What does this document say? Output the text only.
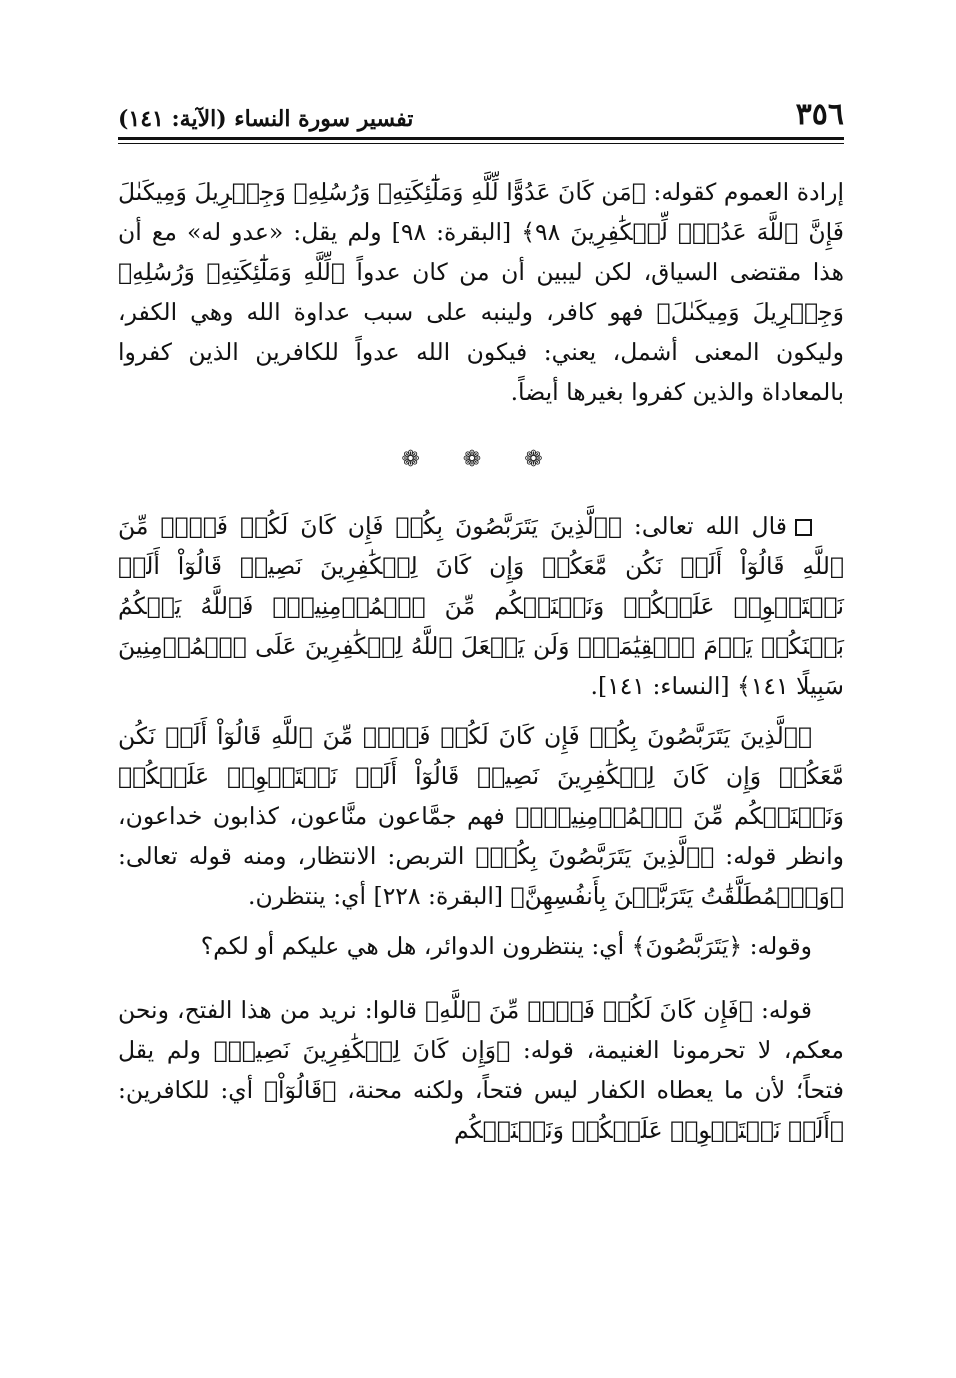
٣٥٦
تفسير سورة النساء (الآية: ١٤١)

إرادة العموم كقوله: ﴿مَن كَانَ عَدُوًّا لِّلَّهِ وَمَلَٰٓئِكَتِهِۦ وَرُسُلِهِۦ وَجِبۡرِيلَ وَمِيكَىٰلَ فَإِنَّ ٱللَّهَ عَدُوّٞ لِّلۡكَٰفِرِينَ ٩٨﴾ [البقرة: ٩٨] ولم يقل: «عدو له» مع أن هذا مقتضى السياق، لكن ليبين أن من كان عدواً ﴿لِّلَّهِ وَمَلَٰٓئِكَتِهِۦ وَرُسُلِهِۦ وَجِبۡرِيلَ وَمِيكَىٰلَ﴾ فهو كافر، ولينبه على سبب عداوة الله وهي الكفر، وليكون المعنى أشمل، يعني: فيكون الله عدواً للكافرين الذين كفروا بالمعاداة والذين كفروا بغيرها أيضاً.

❁ ❁ ❁

قال الله تعالى: ﴿ٱلَّذِينَ يَتَرَبَّصُونَ بِكُمۡ فَإِن كَانَ لَكُمۡ فَتۡحٞ مِّنَ ٱللَّهِ قَالُوٓاْ أَلَمۡ نَكُن مَّعَكُمۡ وَإِن كَانَ لِلۡكَٰفِرِينَ نَصِيبٞ قَالُوٓاْ أَلَمۡ نَسۡتَحۡوِذۡ عَلَيۡكُمۡ وَنَمۡنَعۡكُم مِّنَ ٱلۡمُؤۡمِنِينَۚ فَٱللَّهُ يَحۡكُمُ بَيۡنَكُمۡ يَوۡمَ ٱلۡقِيَٰمَةِۗ وَلَن يَجۡعَلَ ٱللَّهُ لِلۡكَٰفِرِينَ عَلَى ٱلۡمُؤۡمِنِينَ سَبِيلًا ١٤١﴾ [النساء: ١٤١].

﴿ٱلَّذِينَ يَتَرَبَّصُونَ بِكُمۡ فَإِن كَانَ لَكُمۡ فَتۡحٞ مِّنَ ٱللَّهِ قَالُوٓاْ أَلَمۡ نَكُن مَّعَكُمۡ وَإِن كَانَ لِلۡكَٰفِرِينَ نَصِيبٞ قَالُوٓاْ أَلَمۡ نَسۡتَحۡوِذۡ عَلَيۡكُمۡ وَنَمۡنَعۡكُم مِّنَ ٱلۡمُؤۡمِنِينَۚ﴾ فهم جمَّاعون منَّاعون، كذابون خداعون، وانظر قوله: ﴿ٱلَّذِينَ يَتَرَبَّصُونَ بِكُمۡ﴾ التربص: الانتظار، ومنه قوله تعالى: ﴿وَٱلۡمُطَلَّقَٰتُ يَتَرَبَّصۡنَ بِأَنفُسِهِنَّ﴾ [البقرة: ٢٢٨] أي: ينتظرن.

وقوله: ﴿يَتَرَبَّصُونَ﴾ أي: ينتظرون الدوائر، هل هي عليكم أو لكم؟

قوله: ﴿فَإِن كَانَ لَكُمۡ فَتۡحٞ مِّنَ ٱللَّهِ﴾ قالوا: نريد من هذا الفتح، ونحن معكم، لا تحرمونا الغنيمة، قوله: ﴿وَإِن كَانَ لِلۡكَٰفِرِينَ نَصِيبٞ﴾ ولم يقل فتحاً؛ لأن ما يعطاه الكفار ليس فتحاً، ولكنه محنة، ﴿قَالُوٓاْ﴾ أي: للكافرين: ﴿أَلَمۡ نَسۡتَحۡوِذۡ عَلَيۡكُمۡ وَنَمۡنَعۡكُم
